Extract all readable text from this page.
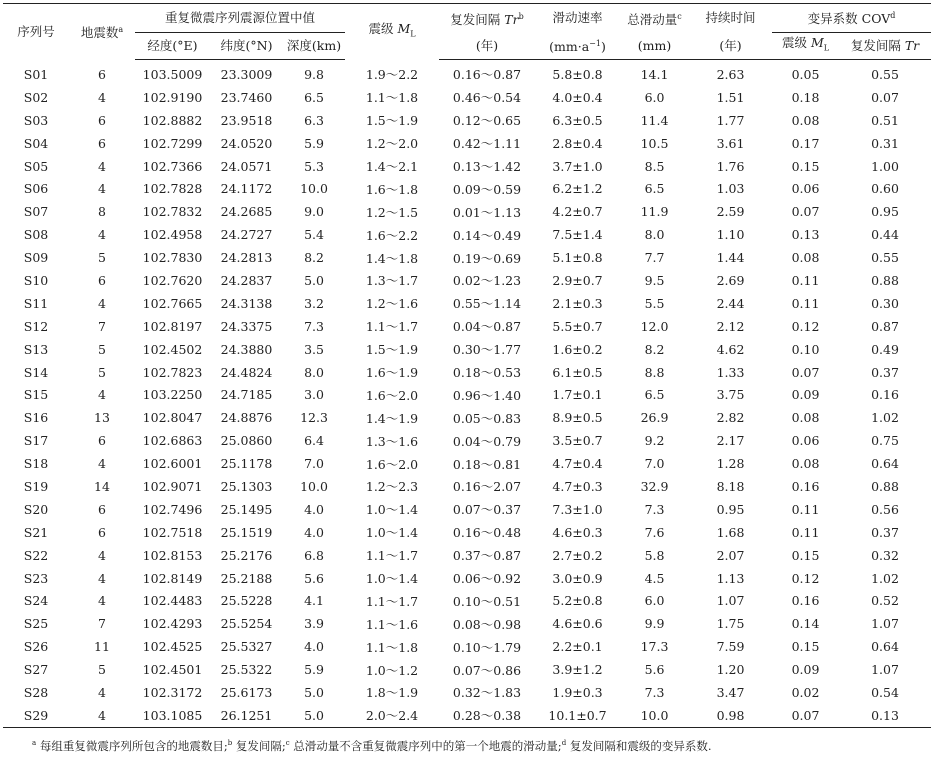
序列号	地震数$^a$	重复微震序列震源位置中值			震级 $M_L$	复发间隔 Tr$^b$	滑动速率	总滑动量$^c$	持续时间	变异系数 COV$^d$
		经度(°E)	纬度(°N)	深度(km)		(年)	$(mm\cdot a^{-1})$	(mm)	(年)	震级 $M_L$	复发间隔 Tr
S01	6	103.5009	23.3009	9.8	1.9～2.2	0.16～0.87	5.8±0.8	14.1	2.63	0.05	0.55
S02	4	102.9190	23.7460	6.5	1.1～1.8	0.46～0.54	4.0±0.4	6.0	1.51	0.18	0.07
S03	6	102.8882	23.9518	6.3	1.5～1.9	0.12～0.65	6.3±0.5	11.4	1.77	0.08	0.51
S04	6	102.7299	24.0520	5.9	1.2～2.0	0.42～1.11	2.8±0.4	10.5	3.61	0.17	0.31
S05	4	102.7366	24.0571	5.3	1.4～2.1	0.13～1.42	3.7±1.0	8.5	1.76	0.15	1.00
S06	4	102.7828	24.1172	10.0	1.6～1.8	0.09～0.59	6.2±1.2	6.5	1.03	0.06	0.60
S07	8	102.7832	24.2685	9.0	1.2～1.5	0.01～1.13	4.2±0.7	11.9	2.59	0.07	0.95
S08	4	102.4958	24.2727	5.4	1.6～2.2	0.14～0.49	7.5±1.4	8.0	1.10	0.13	0.44
S09	5	102.7830	24.2813	8.2	1.4～1.8	0.19～0.69	5.1±0.8	7.7	1.44	0.08	0.55
S10	6	102.7620	24.2837	5.0	1.3～1.7	0.02～1.23	2.9±0.7	9.5	2.69	0.11	0.88
S11	4	102.7665	24.3138	3.2	1.2～1.6	0.55～1.14	2.1±0.3	5.5	2.44	0.11	0.30
S12	7	102.8197	24.3375	7.3	1.1～1.7	0.04～0.87	5.5±0.7	12.0	2.12	0.12	0.87
S13	5	102.4502	24.3880	3.5	1.5～1.9	0.30～1.77	1.6±0.2	8.2	4.62	0.10	0.49
S14	5	102.7823	24.4824	8.0	1.6～1.9	0.18～0.53	6.1±0.5	8.8	1.33	0.07	0.37
S15	4	103.2250	24.7185	3.0	1.6～2.0	0.96～1.40	1.7±0.1	6.5	3.75	0.09	0.16
S16	13	102.8047	24.8876	12.3	1.4～1.9	0.05～0.83	8.9±0.5	26.9	2.82	0.08	1.02
S17	6	102.6863	25.0860	6.4	1.3～1.6	0.04～0.79	3.5±0.7	9.2	2.17	0.06	0.75
S18	4	102.6001	25.1178	7.0	1.6～2.0	0.18～0.81	4.7±0.4	7.0	1.28	0.08	0.64
S19	14	102.9071	25.1303	10.0	1.2～2.3	0.16～2.07	4.7±0.3	32.9	8.18	0.16	0.88
S20	6	102.7496	25.1495	4.0	1.0～1.4	0.07～0.37	7.3±1.0	7.3	0.95	0.11	0.56
S21	6	102.7518	25.1519	4.0	1.0～1.4	0.16～0.48	4.6±0.3	7.6	1.68	0.11	0.37
S22	4	102.8153	25.2176	6.8	1.1～1.7	0.37～0.87	2.7±0.2	5.8	2.07	0.15	0.32
S23	4	102.8149	25.2188	5.6	1.0～1.4	0.06～0.92	3.0±0.9	4.5	1.13	0.12	1.02
S24	4	102.4483	25.5228	4.1	1.1～1.7	0.10～0.51	5.2±0.8	6.0	1.07	0.16	0.52
S25	7	102.4293	25.5254	3.9	1.1～1.6	0.08～0.98	4.6±0.6	9.9	1.75	0.14	1.07
S26	11	102.4525	25.5327	4.0	1.1～1.8	0.10～1.79	2.2±0.1	17.3	7.59	0.15	0.64
S27	5	102.4501	25.5322	5.9	1.0～1.2	0.07～0.86	3.9±1.2	5.6	1.20	0.09	1.07
S28	4	102.3172	25.6173	5.0	1.8～1.9	0.32～1.83	1.9±0.3	7.3	3.47	0.02	0.54
S29	4	103.1085	26.1251	5.0	2.0～2.4	0.28～0.38	10.1±0.7	10.0	0.98	0.07	0.13
$^a$ 每组重复微震序列所包含的地震数目;$^b$ 复发间隔;$^c$ 总滑动量不含重复微震序列中的第一个地震的滑动量;$^d$ 复发间隔和震级的变异系数.
